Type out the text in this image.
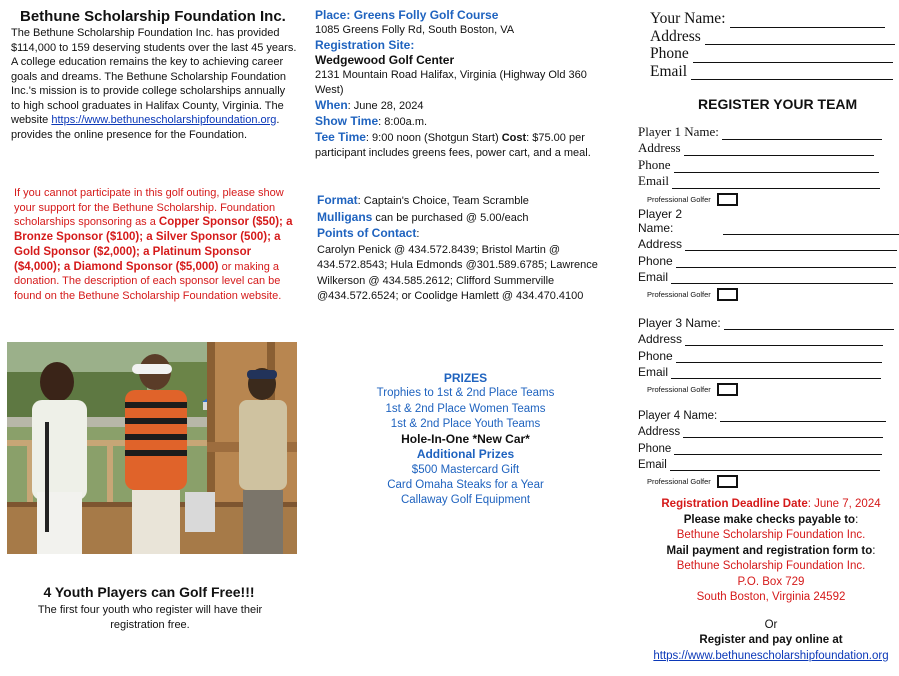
Bethune Scholarship Foundation Inc.
The Bethune Scholarship Foundation Inc. has provided $114,000 to 159 deserving students over the last 45 years. A college education remains the key to achieving career goals and dreams. The Bethune Scholarship Foundation Inc.'s mission is to provide college scholarships annually to high school graduates in Halifax County, Virginia. The website https://www.bethunescholarshipfoundation.org. provides the online presence for the Foundation.
If you cannot participate in this golf outing, please show your support for the Bethune Scholarship. Foundation scholarships sponsoring as a Copper Sponsor ($50); a Bronze Sponsor ($100); a Silver Sponsor (500); a Gold Sponsor ($2,000); a Platinum Sponsor ($4,000); a Diamond Sponsor ($5,000) or making a donation. The description of each sponsor level can be found on the Bethune Scholarship Foundation website.
4 Youth Players can Golf Free!!!
The first four youth who register will have their registration free.
Place: Greens Folly Golf Course
1085 Greens Folly Rd, South Boston, VA
Registration Site:
Wedgewood Golf Center
2131 Mountain Road Halifax, Virginia (Highway Old 360 West)
When: June 28, 2024
Show Time: 8:00a.m.
Tee Time: 9:00 noon (Shotgun Start) Cost: $75.00 per participant includes greens fees, power cart, and a meal.
Format: Captain's Choice, Team Scramble
Mulligans can be purchased @ 5.00/each
Points of Contact:
Carolyn Penick @ 434.572.8439; Bristol Martin @ 434.572.8543; Hula Edmonds @301.589.6785; Lawrence Wilkerson @ 434.585.2612; Clifford Summerville @434.572.6524; or Coolidge Hamlett @ 434.470.4100
PRIZES
Trophies to 1st & 2nd Place Teams
1st & 2nd Place Women Teams
1st & 2nd Place Youth Teams
Hole-In-One *New Car*
Additional Prizes
$500 Mastercard Gift
Card Omaha Steaks for a Year
Callaway Golf Equipment
Your Name:
Address
Phone
Email
REGISTER YOUR TEAM
Player 1 Name:
Address
Phone
Email
Professional Golfer
Player 2 Name:
Address
Phone
Email
Professional Golfer
Player 3 Name:
Address
Phone
Email
Professional Golfer
Player 4 Name:
Address
Phone
Email
Professional Golfer
Registration Deadline Date: June 7, 2024
Please make checks payable to:
Bethune Scholarship Foundation Inc.
Mail payment and registration form to:
Bethune Scholarship Foundation Inc.
P.O. Box 729
South Boston, Virginia 24592
Or
Register and pay online at
https://www.bethunescholarshipfoundation.org
